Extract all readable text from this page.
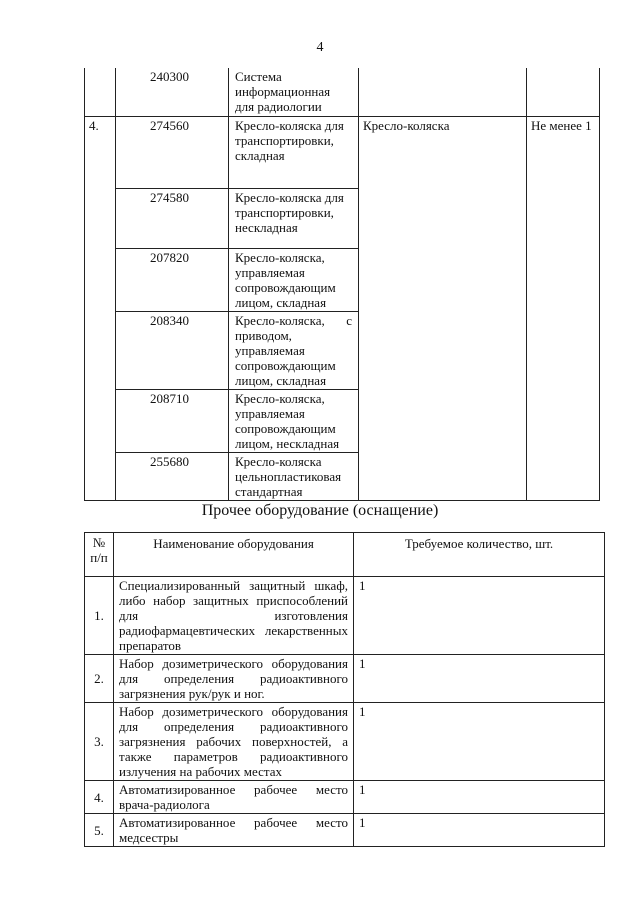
4
	240300	Система информационная для радиологии		
4.	274560	Кресло-коляска для транспортировки, складная	Кресло-коляска	Не менее 1
	274580	Кресло-коляска для транспортировки, нескладная		
	207820	Кресло-коляска, управляемая сопровождающим лицом, складная		
	208340	Кресло-коляска, с приводом, управляемая сопровождающим лицом, складная		
	208710	Кресло-коляска, управляемая сопровождающим лицом, нескладная		
	255680	Кресло-коляска цельнопластиковая стандартная		
Прочее оборудование (оснащение)
№ п/п	Наименование оборудования	Требуемое количество, шт.
1.	Специализированный защитный шкаф, либо набор защитных приспособлений для изготовления радиофармацевтических лекарственных препаратов	1
2.	Набор дозиметрического оборудования для определения радиоактивного загрязнения рук/рук и ног.	1
3.	Набор дозиметрического оборудования для определения радиоактивного загрязнения рабочих поверхностей, а также параметров радиоактивного излучения на рабочих местах	1
4.	Автоматизированное рабочее место врача-радиолога	1
5.	Автоматизированное рабочее место медсестры	1
